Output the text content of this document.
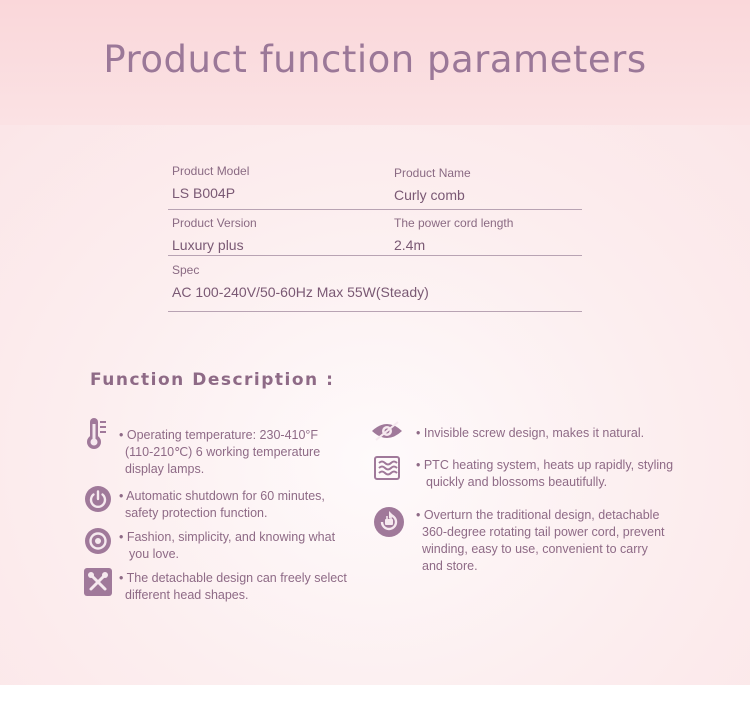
Product function parameters
Product Model
LS B004P
Product Name
Curly comb
Product Version
Luxury plus
The power cord length
2.4m
Spec
AC 100-240V/50-60Hz Max 55W(Steady)
Function Description :
• Operating temperature: 230-410°F
(110-210℃) 6 working temperature
display lamps.
• Automatic shutdown for 60 minutes,
safety protection function.
• Fashion, simplicity, and knowing what
you love.
• The detachable design can freely select
different head shapes.
• Invisible screw design, makes it natural.
• PTC heating system, heats up rapidly, styling
quickly and blossoms beautifully.
• Overturn the traditional design, detachable
360-degree rotating tail power cord, prevent
winding, easy to use, convenient to carry
and store.
